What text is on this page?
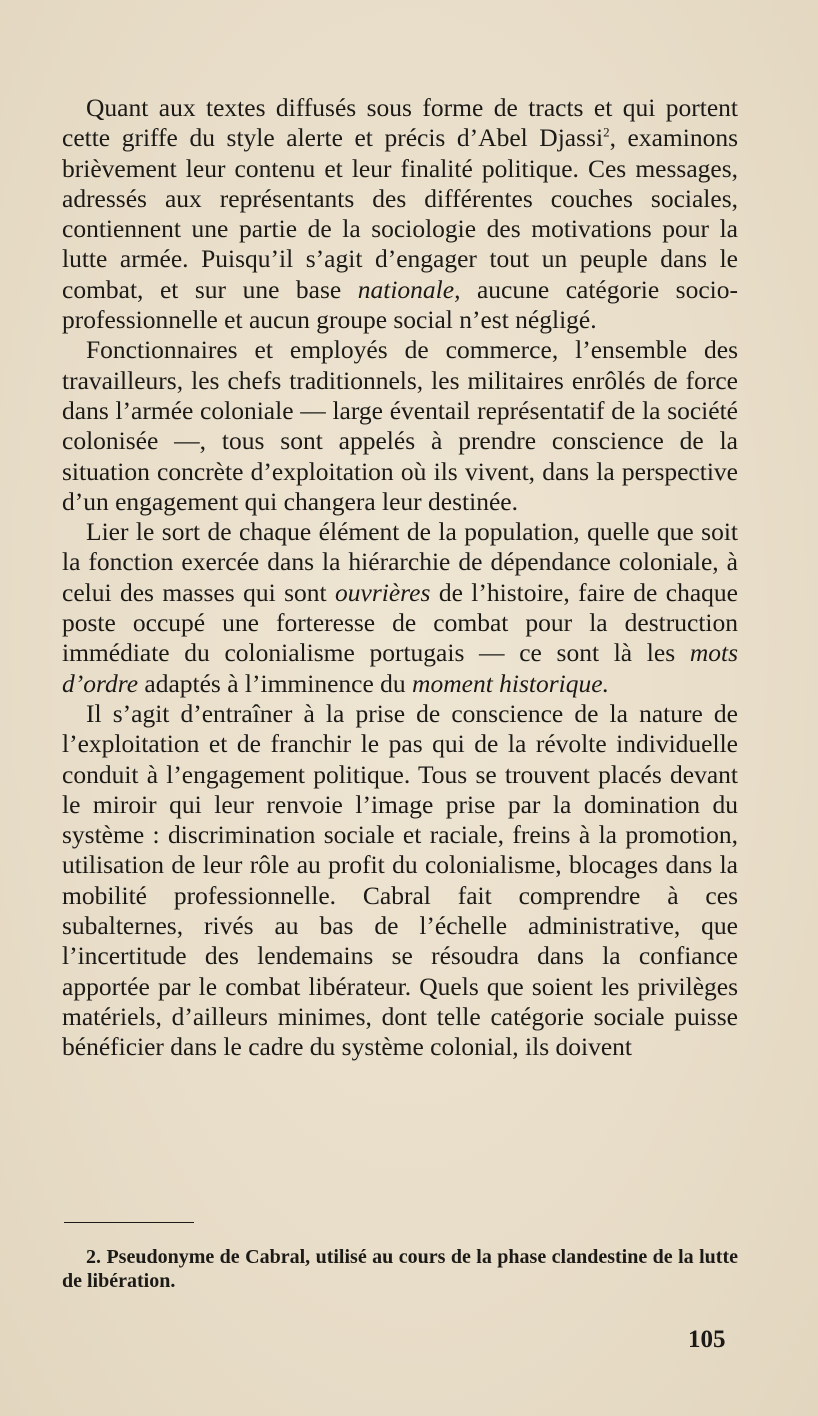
Quant aux textes diffusés sous forme de tracts et qui portent cette griffe du style alerte et précis d’Abel Djassi$^2$, examinons brièvement leur contenu et leur finalité politique. Ces messages, adressés aux représentants des différentes couches sociales, contiennent une partie de la sociologie des motivations pour la lutte armée. Puisqu’il s’agit d’engager tout un peuple dans le combat, et sur une base nationale, aucune catégorie socio-professionnelle et aucun groupe social n’est négligé.

Fonctionnaires et employés de commerce, l’ensemble des travailleurs, les chefs traditionnels, les militaires enrôlés de force dans l’armée coloniale — large éventail représentatif de la société colonisée —, tous sont appelés à prendre conscience de la situation concrète d’exploitation où ils vivent, dans la perspective d’un engagement qui changera leur destinée.

Lier le sort de chaque élément de la population, quelle que soit la fonction exercée dans la hiérarchie de dépendance coloniale, à celui des masses qui sont ouvrières de l’histoire, faire de chaque poste occupé une forteresse de combat pour la destruction immédiate du colonialisme portugais — ce sont là les mots d’ordre adaptés à l’imminence du moment historique.

Il s’agit d’entraîner à la prise de conscience de la nature de l’exploitation et de franchir le pas qui de la révolte individuelle conduit à l’engagement politique. Tous se trouvent placés devant le miroir qui leur renvoie l’image prise par la domination du système : discrimination sociale et raciale, freins à la promotion, utilisation de leur rôle au profit du colonialisme, blocages dans la mobilité professionnelle. Cabral fait comprendre à ces subalternes, rivés au bas de l’échelle administrative, que l’incertitude des lendemains se résoudra dans la confiance apportée par le combat libérateur. Quels que soient les privilèges matériels, d’ailleurs minimes, dont telle catégorie sociale puisse bénéficier dans le cadre du système colonial, ils doivent

2. Pseudonyme de Cabral, utilisé au cours de la phase clandestine de la lutte de libération.
105
